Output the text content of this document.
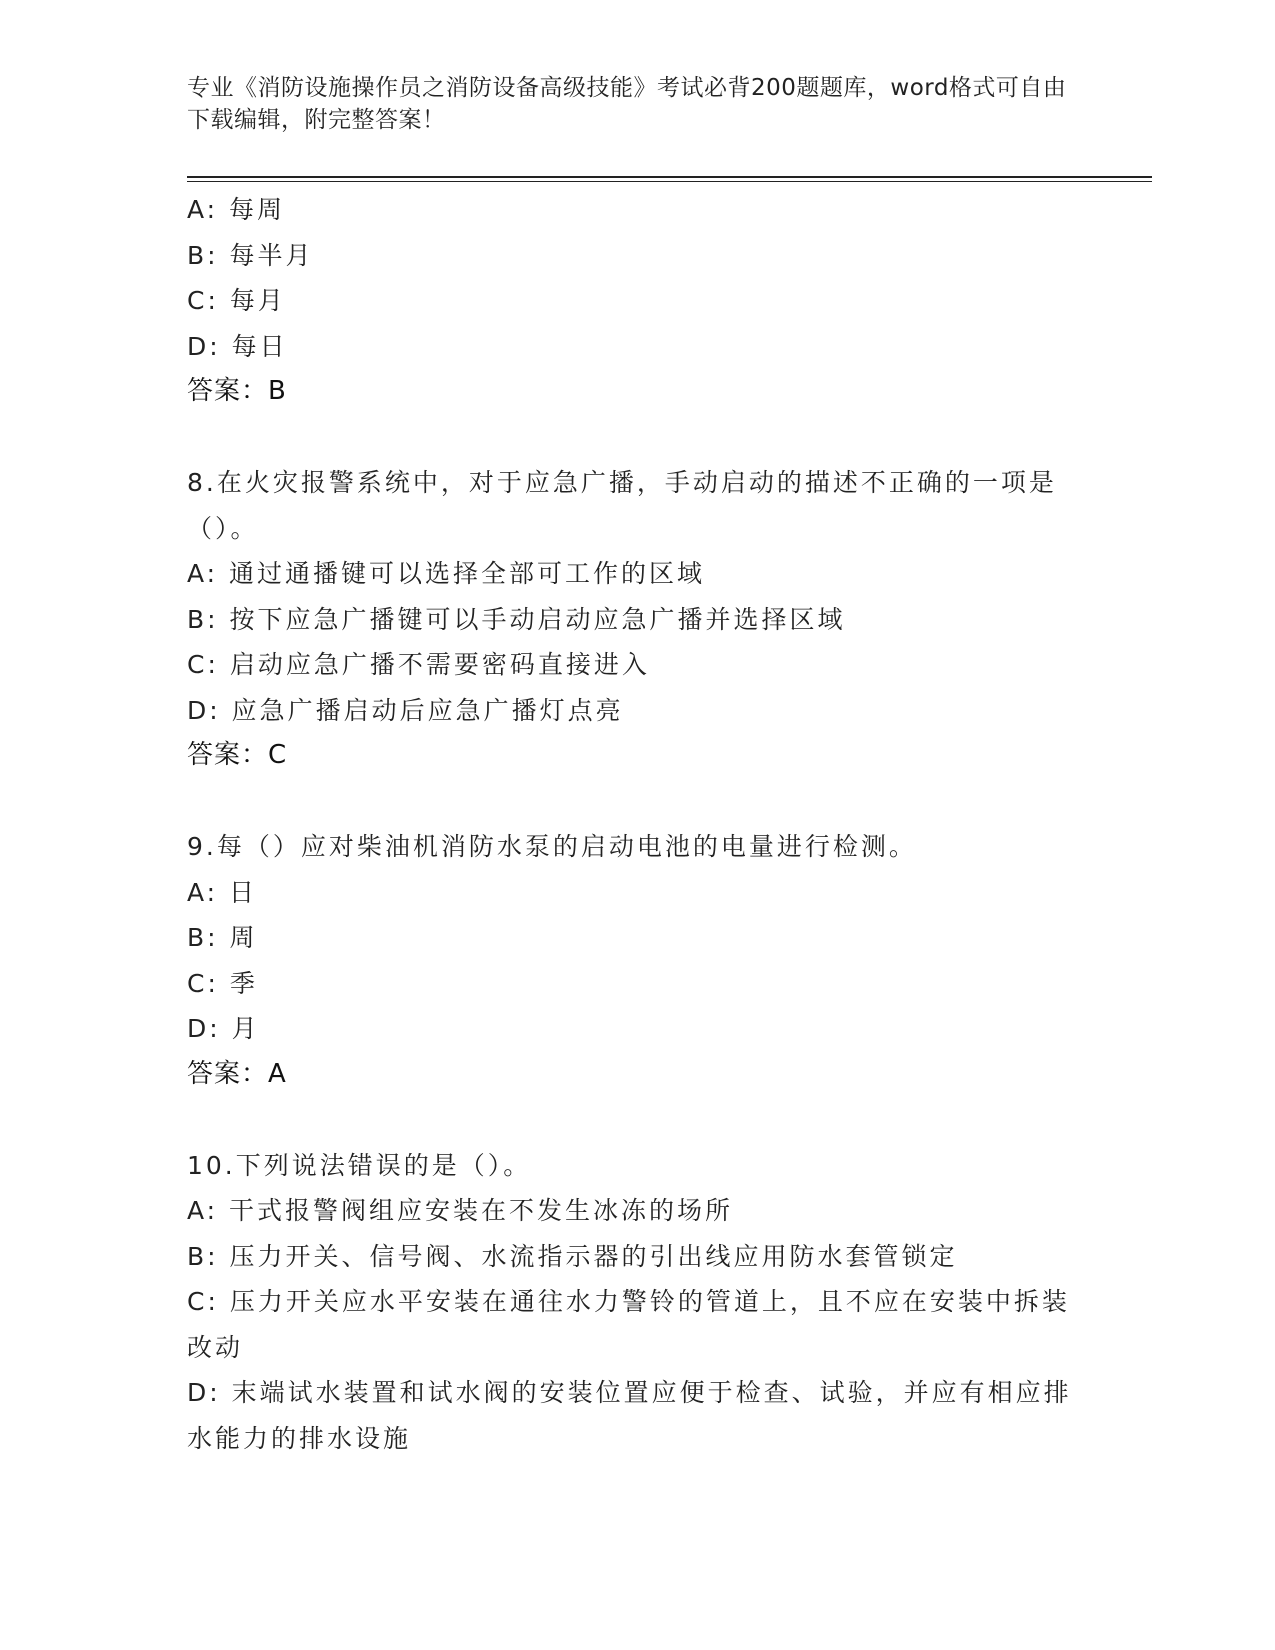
专业《消防设施操作员之消防设备高级技能》考试必背200题题库，word格式可自由下载编辑，附完整答案！
A: 每周
B: 每半月
C: 每月
D: 每日
答案：B
8.在火灾报警系统中，对于应急广播，手动启动的描述不正确的一项是（）。
A: 通过通播键可以选择全部可工作的区域
B: 按下应急广播键可以手动启动应急广播并选择区域
C: 启动应急广播不需要密码直接进入
D: 应急广播启动后应急广播灯点亮
答案：C
9.每（）应对柴油机消防水泵的启动电池的电量进行检测。
A: 日
B: 周
C: 季
D: 月
答案：A
10.下列说法错误的是（）。
A: 干式报警阀组应安装在不发生冰冻的场所
B: 压力开关、信号阀、水流指示器的引出线应用防水套管锁定
C: 压力开关应水平安装在通往水力警铃的管道上，且不应在安装中拆装改动
D: 末端试水装置和试水阀的安装位置应便于检查、试验，并应有相应排水能力的排水设施
